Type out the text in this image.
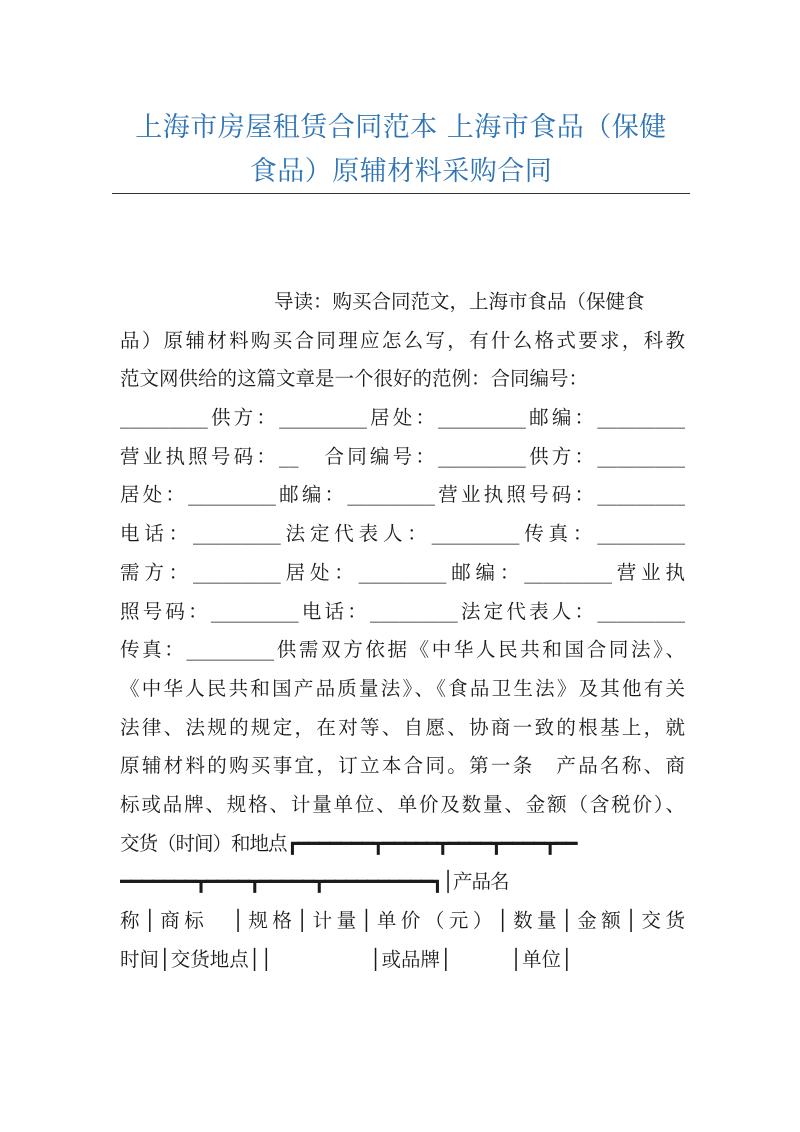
上海市房屋租赁合同范本 上海市食品（保健
食品）原辅材料采购合同
导读：购买合同范文，上海市食品（保健食
品）原辅材料购买合同理应怎么写，有什么格式要求，科教
范文网供给的这篇文章是一个很好的范例：合同编号：
_________供方：_________居处：_________邮编：_________
营业执照号码：__　合同编号：_________供方：_________
居处：_________邮编：_________营业执照号码：_________
电话：_________法定代表人：_________传真：_________
需方：_________居处：_________邮编：_________营业执
照号码：_________电话：_________法定代表人：_________
传真：_________供需双方依据《中华人民共和国合同法》、
《中华人民共和国产品质量法》、《食品卫生法》及其他有关
法律、法规的规定，在对等、自愿、协商一致的根基上，就
原辅材料的购买事宜，订立本合同。第一条　产品名称、商
标或品牌、规格、计量单位、单价及数量、金额（含税价）、
交货（时间）和地点┏━━━━━━━┳━━━━━┳━━━━┳━━━━┳━━
━━━━━━━┳━━━━┳━━━━━┳━━━━━━━━━━┓│产品名
称│商标　│规格│计量│单价（元）│数量│金额│交货
时间│交货地点││　　　　　│或品牌│　　　│单位│
